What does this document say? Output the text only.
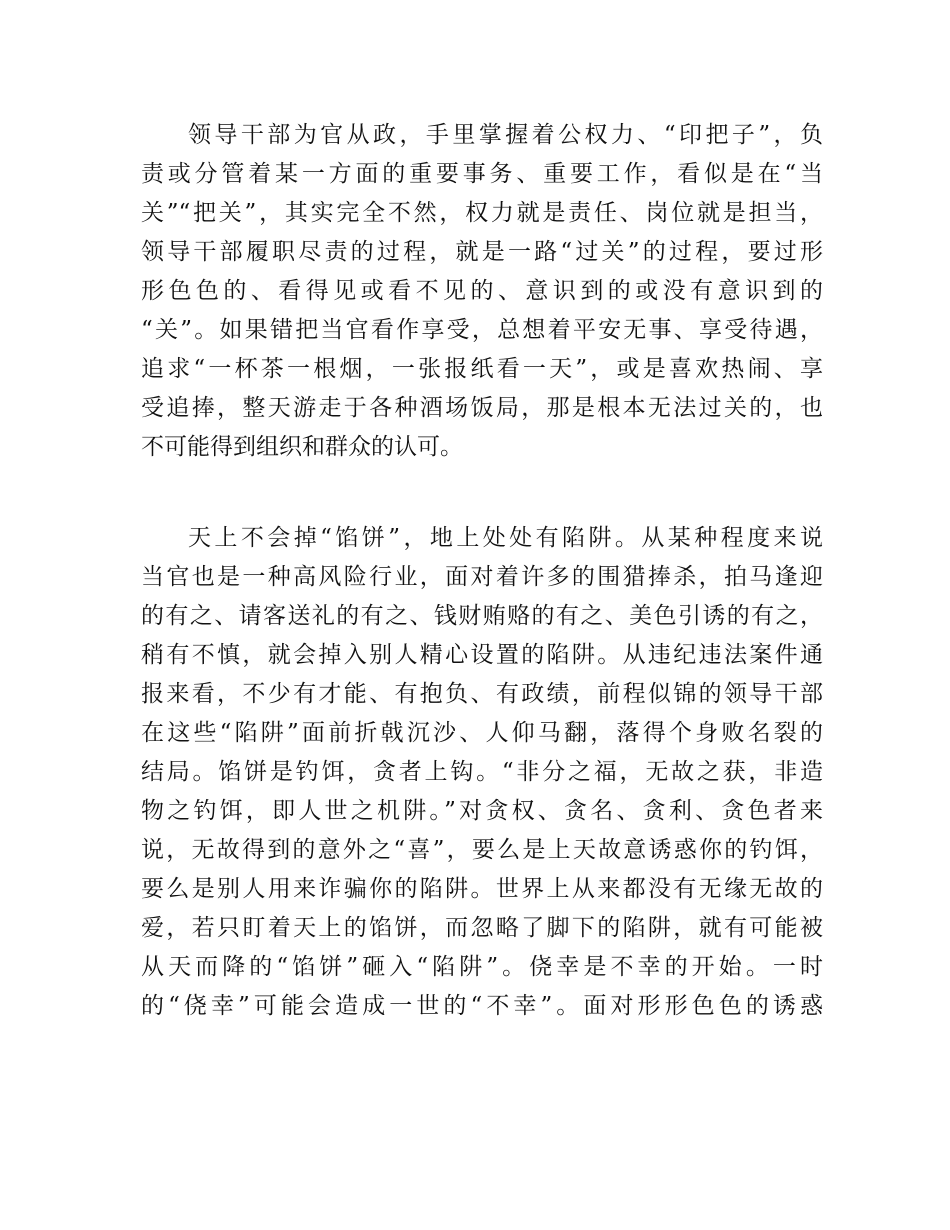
领导干部为官从政，手里掌握着公权力、“印把子”，负
责或分管着某一方面的重要事务、重要工作，看似是在“当
关”“把关”，其实完全不然，权力就是责任、岗位就是担当，
领导干部履职尽责的过程，就是一路“过关”的过程，要过形
形色色的、看得见或看不见的、意识到的或没有意识到的
“关”。如果错把当官看作享受，总想着平安无事、享受待遇，
追求“一杯茶一根烟，一张报纸看一天”，或是喜欢热闹、享
受追捧，整天游走于各种酒场饭局，那是根本无法过关的，也
不可能得到组织和群众的认可。
天上不会掉“馅饼”，地上处处有陷阱。从某种程度来说
当官也是一种高风险行业，面对着许多的围猎捧杀，拍马逢迎
的有之、请客送礼的有之、钱财贿赂的有之、美色引诱的有之，
稍有不慎，就会掉入别人精心设置的陷阱。从违纪违法案件通
报来看，不少有才能、有抱负、有政绩，前程似锦的领导干部
在这些“陷阱”面前折戟沉沙、人仰马翻，落得个身败名裂的
结局。馅饼是钓饵，贪者上钩。“非分之福，无故之获，非造
物之钓饵，即人世之机阱。”对贪权、贪名、贪利、贪色者来
说，无故得到的意外之“喜”，要么是上天故意诱惑你的钓饵，
要么是别人用来诈骗你的陷阱。世界上从来都没有无缘无故的
爱，若只盯着天上的馅饼，而忽略了脚下的陷阱，就有可能被
从天而降的“馅饼”砸入“陷阱”。侥幸是不幸的开始。一时
的“侥幸”可能会造成一世的“不幸”。面对形形色色的诱惑
